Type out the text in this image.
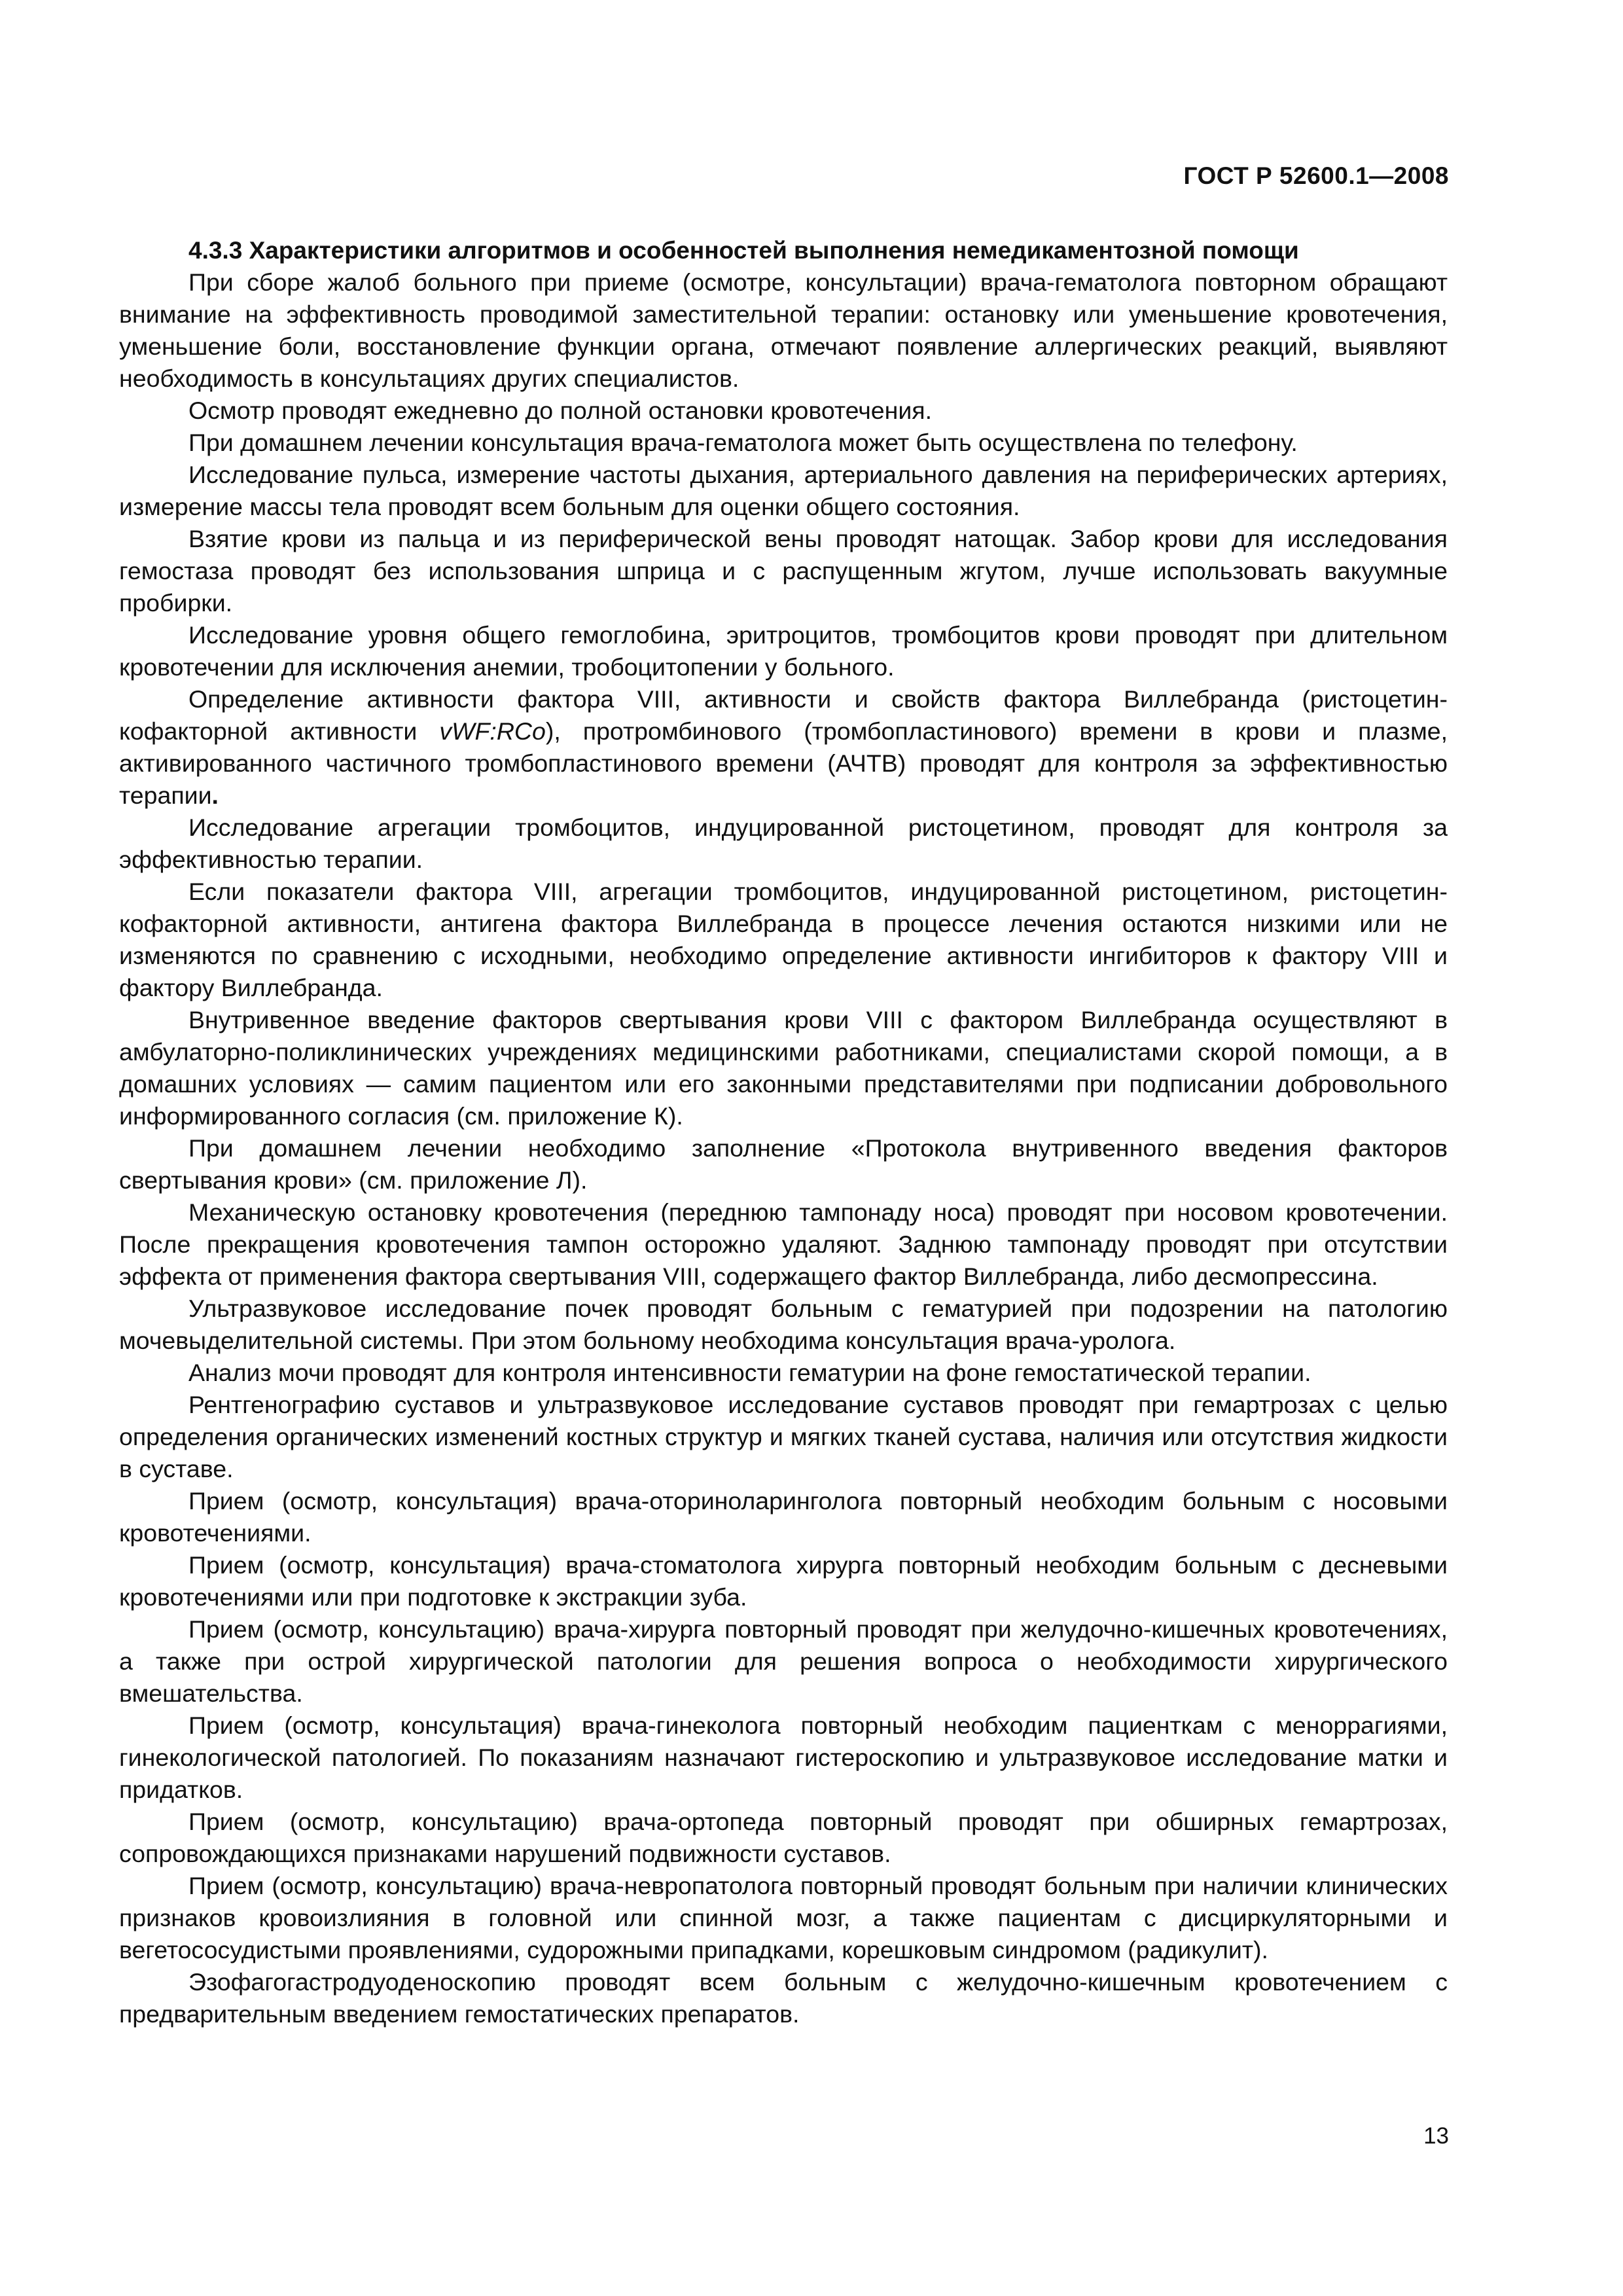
ГОСТ Р 52600.1—2008

4.3.3 Характеристики алгоритмов и особенностей выполнения немедикаментозной помощи

При сборе жалоб больного при приеме (осмотре, консультации) врача-гематолога повторном обращают внимание на эффективность проводимой заместительной терапии: остановку или уменьшение кровотечения, уменьшение боли, восстановление функции органа, отмечают появление аллергических реакций, выявляют необходимость в консультациях других специалистов.

Осмотр проводят ежедневно до полной остановки кровотечения.

При домашнем лечении консультация врача-гематолога может быть осуществлена по телефону.

Исследование пульса, измерение частоты дыхания, артериального давления на периферических артериях, измерение массы тела проводят всем больным для оценки общего состояния.

Взятие крови из пальца и из периферической вены проводят натощак. Забор крови для исследования гемостаза проводят без использования шприца и с распущенным жгутом, лучше использовать вакуумные пробирки.

Исследование уровня общего гемоглобина, эритроцитов, тромбоцитов крови проводят при длительном кровотечении для исключения анемии, тробоцитопении у больного.

Определение активности фактора VIII, активности и свойств фактора Виллебранда (ристоцетин-кофакторной активности vWF:RCo), протромбинового (тромбопластинового) времени в крови и плазме, активированного частичного тромбопластинового времени (АЧТВ) проводят для контроля за эффективностью терапии.

Исследование агрегации тромбоцитов, индуцированной ристоцетином, проводят для контроля за эффективностью терапии.

Если показатели фактора VIII, агрегации тромбоцитов, индуцированной ристоцетином, ристоцетин-кофакторной активности, антигена фактора Виллебранда в процессе лечения остаются низкими или не изменяются по сравнению с исходными, необходимо определение активности ингибиторов к фактору VIII и фактору Виллебранда.

Внутривенное введение факторов свертывания крови VIII с фактором Виллебранда осуществляют в амбулаторно-поликлинических учреждениях медицинскими работниками, специалистами скорой помощи, а в домашних условиях — самим пациентом или его законными представителями при подписании добровольного информированного согласия (см. приложение К).

При домашнем лечении необходимо заполнение «Протокола внутривенного введения факторов свертывания крови» (см. приложение Л).

Механическую остановку кровотечения (переднюю тампонаду носа) проводят при носовом кровотечении. После прекращения кровотечения тампон осторожно удаляют. Заднюю тампонаду проводят при отсутствии эффекта от применения фактора свертывания VIII, содержащего фактор Виллебранда, либо десмопрессина.

Ультразвуковое исследование почек проводят больным с гематурией при подозрении на патологию мочевыделительной системы. При этом больному необходима консультация врача-уролога.

Анализ мочи проводят для контроля интенсивности гематурии на фоне гемостатической терапии.

Рентгенографию суставов и ультразвуковое исследование суставов проводят при гемартрозах с целью определения органических изменений костных структур и мягких тканей сустава, наличия или отсутствия жидкости в суставе.

Прием (осмотр, консультация) врача-оториноларинголога повторный необходим больным с носовыми кровотечениями.

Прием (осмотр, консультация) врача-стоматолога хирурга повторный необходим больным с десневыми кровотечениями или при подготовке к экстракции зуба.

Прием (осмотр, консультацию) врача-хирурга повторный проводят при желудочно-кишечных кровотечениях, а также при острой хирургической патологии для решения вопроса о необходимости хирургического вмешательства.

Прием (осмотр, консультация) врача-гинеколога повторный необходим пациенткам с меноррагиями, гинекологической патологией. По показаниям назначают гистероскопию и ультразвуковое исследование матки и придатков.

Прием (осмотр, консультацию) врача-ортопеда повторный проводят при обширных гемартрозах, сопровождающихся признаками нарушений подвижности суставов.

Прием (осмотр, консультацию) врача-невропатолога повторный проводят больным при наличии клинических признаков кровоизлияния в головной или спинной мозг, а также пациентам с дисциркуляторными и вегетососудистыми проявлениями, судорожными припадками, корешковым синдромом (радикулит).

Эзофагогастродуоденоскопию проводят всем больным с желудочно-кишечным кровотечением с предварительным введением гемостатических препаратов.

13
